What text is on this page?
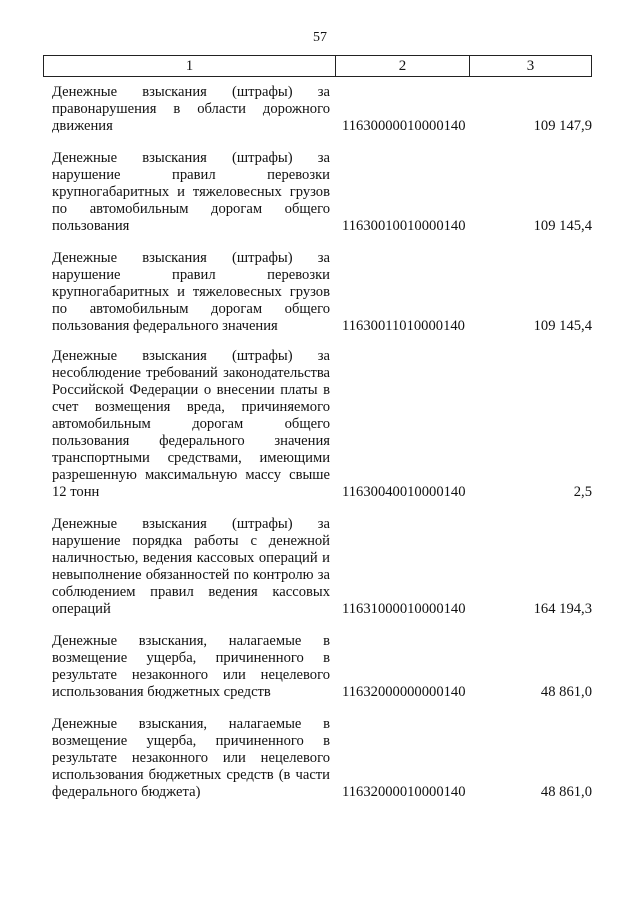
57
1	2	3
Денежные взыскания (штрафы) за правонарушения в области дорожного движения	11630000010000140	109 147,9
Денежные взыскания (штрафы) за нарушение правил перевозки крупногабаритных и тяжеловесных грузов по автомобильным дорогам общего пользования	11630010010000140	109 145,4
Денежные взыскания (штрафы) за нарушение правил перевозки крупногабаритных и тяжеловесных грузов по автомобильным дорогам общего пользования федерального значения	11630011010000140	109 145,4
Денежные взыскания (штрафы) за несоблюдение требований законодательства Российской Федерации о внесении платы в счет возмещения вреда, причиняемого автомобильным дорогам общего пользования федерального значения транспортными средствами, имеющими разрешенную максимальную массу свыше 12 тонн	11630040010000140	2,5
Денежные взыскания (штрафы) за нарушение порядка работы с денежной наличностью, ведения кассовых операций и невыполнение обязанностей по контролю за соблюдением правил ведения кассовых операций	11631000010000140	164 194,3
Денежные взыскания, налагаемые в возмещение ущерба, причиненного в результате незаконного или нецелевого использования бюджетных средств	11632000000000140	48 861,0
Денежные взыскания, налагаемые в возмещение ущерба, причиненного в результате незаконного или нецелевого использования бюджетных средств (в части федерального бюджета)	11632000010000140	48 861,0
